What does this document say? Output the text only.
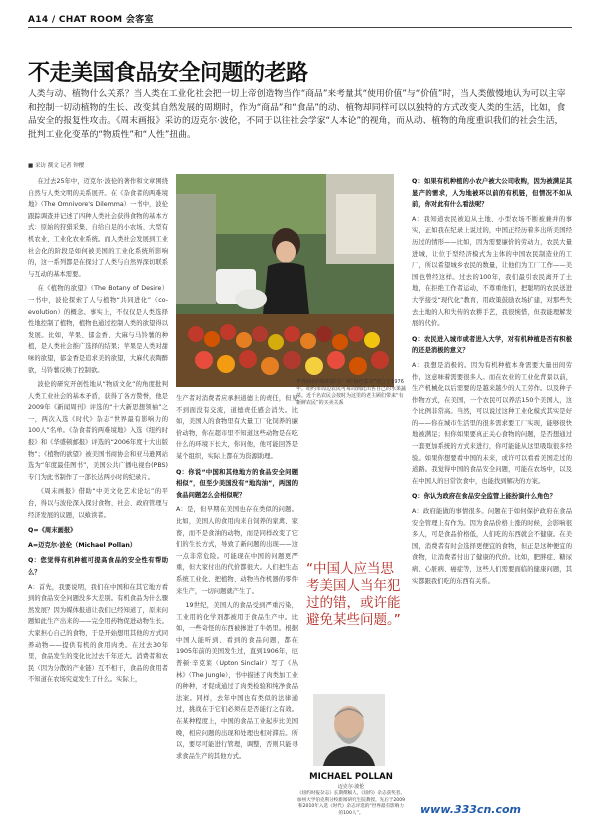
A14 / CHAT ROOM 会客室
不走美国食品安全问题的老路
人类与动、植物什么关系？当人类在工业化社会把一切上帝创造物当作“商品”来考量其“使用价值”与“价值”时，当人类傲慢地认为可以主宰和控制一切动植物的生长、改变其自然发展的周期时，作为“商品”和“食品”的动、植物却同样可以以独特的方式改变人类的生活，比如，食品安全的报复性攻击。《周末画报》采访的迈克尔·波伦，不同于以往社会学家“人本论”的视角，而从动、植物的角度重识我们的社会生活，批判工业化变革的“物质性”和“人性”扭曲。
■ 采访 撰文 记者 钟樱

在过去25年中，迈克尔·波伦的著作和文章围绕自然与人类文明的关系展开。在《杂食者的两难境地》（The Omnivore's Dilemma）一书中，波伦跟踪调查并记述了四种人类社会获得食物的基本方式：原始的狩猎采集、自给自足的小农场、大型有机农业、工业化农业系统。而人类社会发展到工业社会化的阶段是如何被美国的工业化系统所影响的，这一系列都是在探讨了人类与自然界深切联系与互动的基本需要。

在《植物的欲望》（The Botany of Desire）一书中，波伦探索了人与植物“共同进化”（co-evolution）的概念。事实上，不仅仅是人类选择性地控制了植物，植物也通过控制人类的欲望得以发展。比如，苹果、郁金香、大麻与马铃薯的种植，是人类社会推广选择的结果；苹果是人类对甜味的欲望，郁金香是追求美的欲望，大麻代表陶醉欲，马铃薯反映了控制欲。

波伦的研究开创性地从“物质文化”的角度批判人类工业社会的基本矛盾，获得了各方赞誉，他是2009年《新闻周刊》评选的“十大新思想领袖”之一，两次入选《时代》杂志“世界最有影响力的100人”名单。《杂食者的两难境地》入选《纽约时报》和《华盛顿邮报》评选的“2006年度十大出版物”；《植物的欲望》被美国书商协会和亚马逊网站选为“年度最佳图书”，美国公共广播电视台(PBS)专门为此书制作了一部长达两小时的纪录片。

《周末画报》借助“中美文化艺术论坛”的平台，得以与波伦深入探讨食物、社会、政府管理与经济发展的议题，以飨读者。

Q=《周末画报》

A=迈克尔·波伦（Michael Pollan）

Q：您觉得有机种植可提高食品的安全性有帮助么？

A：首先，我要说明，我们在中国和在其它地方看到的食品安全问题没多大差别。有机食品为什么骤然发展？因为媒体报道让我们已经知道了，原来问题如此生产出来的——完全用药物促进动物生长。大家担心自己的食物，于是开始想用其他的方式同养动物——提供有机的食用肉类。在过去30年里，食品发生的变化比过去千年还大。消费者和农民（因为分散的产业链）互不相干，食品的食用者不知道在农场究竟发生了什么。实际上，

世界闻名的纽约联合广场“绿色集市”创立于1976年。纽约市周边农民可每周到此出售自己的水果蔬菜。近千名农民会按时为这里的老主顾们带来“有新鲜农民”的买卖关系

生产者对消费者应承担道德上的责任，但见不到面没有交流，道德责任感会消失。比如，美国人的食物里有大量工厂化饲养的廉价动物，你在超市里不知道这些动物是在吃什么的环境下长大，你问他，他可能回答是某个组织，实际上都在为资源助理。

Q：你说“中国和其他地方的食品安全问题相似”，但至少美国没有“地沟油”，两国的食品问题怎么会相似呢？

A：是，但早期在美国也存在类似的问题。比如，美国人的食用肉来自饲养的家禽、家畜，而不是食油的动物，而是同样改变了它们的生长方式，导致了新问题的出现——这一点非常危险。可能现在中国的问题更严重，但大家付出的代价都很大。人们把生态系统工业化、把植物、动物当作机器的零件来生产，一切问题就产生了。

19世纪，美国人的食品受到严重污染，工业用的化学剂都被用于食品生产中。比如，一些奇怪的东西被掺进了牛奶里。根据中国人能听到、看到的食品问题，都在1905年前的美国发生过，直到1906年，厄普顿·辛克莱（Upton Sinclair）写了《丛林》（The Jungle），书中描述了肉类加工业的种种，才促成通过了肉类检验和纯净食品法案。同样，去年中国也有类似的法律通过，挑战在于它们必须在是否能行之有效。在某种程度上，中国的食品工业起步比美国晚，相应问题的出现和处理也相对滞后。所以，要尽可能进行管理，调整，否则只能寻求食品生产的其他方式。

“中国人应当思考美国人当年犯过的错，或许能避免某些问题。”
MICHAEL POLLAN
迈克尔·波伦
《纽约时报杂志》长期撰稿人，《纽约》杂志获奖者。加州大学伯克利分校新闻研究生院教授。先后于2009和2010年入选《时代》杂志评选的“世界最有影响力的100人”。

Q：如果有机种植的小农户被大公司收购，因为被满足其显产的需求，人为地被环以前的有机链，但情况不如从前，你对此有什么看法呢？

A：我知道农民被迫从土地、小型农场不断被兼并的事实，正如我在纪录上说过的，中国正经历着多出所美国经历过的情形——比如，因为需要廉价的劳动力，农民大量进城，让位于型经济模式为主体的中国农民制造业的工厂，所以希望城乡农民的数量，让他们为工厂工作——美国也曾经这样。过去的100年，我们最引农民离开了土地，在拒绝工作者运动，不尊重他们，把聪明的农民送进大学接受“现代化”教育，用政策鼓励农场扩建，对那些失去土地的人和失传的农耕手艺，我很惋惜，但我能理解发展的代价。

Q：农民进入城市或者进入大学，对有机种植是否有积极的还是消极的意义？

A：我想是消极的。因为有机种植本身需要大量田间劳作，这意味着需要很多人。而在农业的工业化背景以前，生产机械化以后需要的是越来越少的人工劳作。以及种子作物方式，在美国，一个农民可以养活150个美国人，这个比例非常高。当然，可以说过这种工业化模式其实是好的——你在城市生活里的很多需求要工厂实现，能够很快地被满足；但你如果要真正关心食物的问题，是否想通过一套更加系统的方式来进行，你可能能从这里吸取很多经验。如果你想要看中国的未来，或许可以看看美国走过的道路。我觉得中国的食品安全问题，可能在农场中，以及在中国人的日常饮食中，也能找到解决的方案。

Q：你认为政府在食品安全监管上能扮演什么角色？

A：政府能做的事情很多。问题在于如何保护政府在食品安全管理上有作为。因为食品价格上涨的时候，会影响很多人，可是食品价格低，人们吃的东西就会不健康。在美国，消费者有时会选择更便宜的食物，但正是这种便宜的食物，让消费者付出了健康的代价。比如，肥胖症、糖尿病、心脏病、癌症等，这些人们需要面临的健康问题，其实都跟我们吃的东西有关系。

www.333cn.com
